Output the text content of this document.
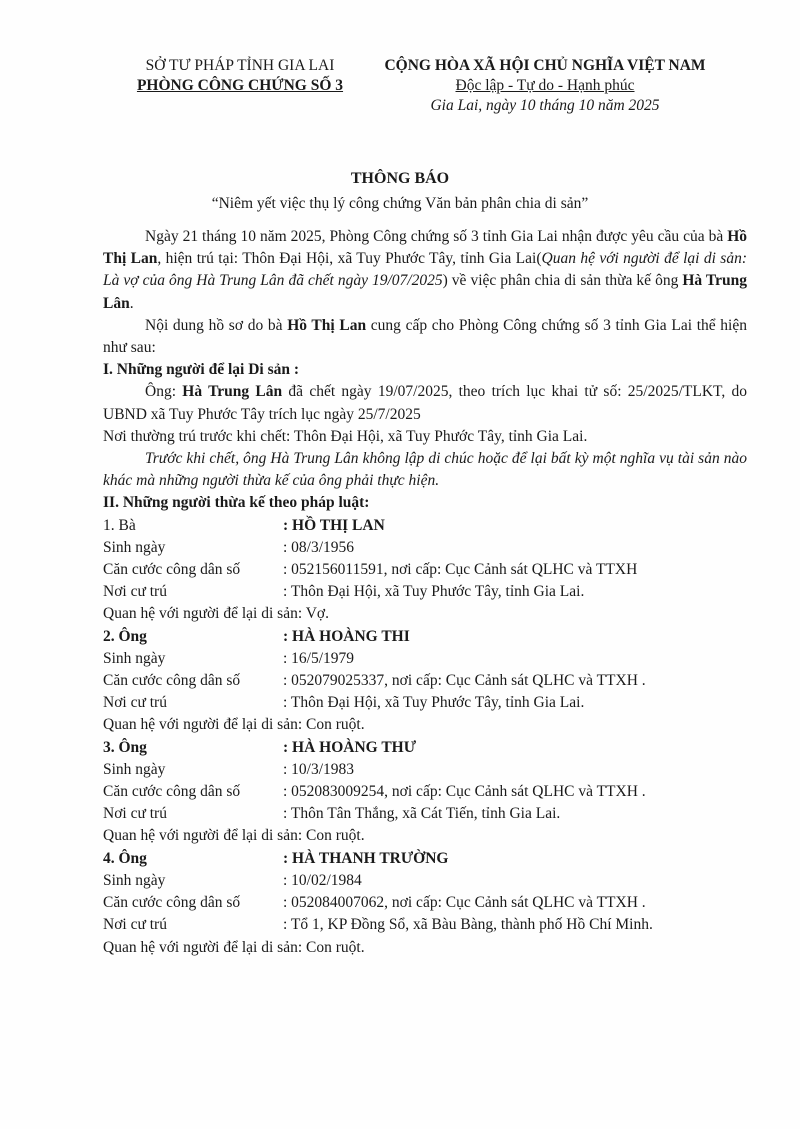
SỞ TƯ PHÁP TỈNH GIA LAI
PHÒNG CÔNG CHỨNG SỐ 3
CỘNG HÒA XÃ HỘI CHỦ NGHĨA VIỆT NAM
Độc lập - Tự do - Hạnh phúc
Gia Lai, ngày 10 tháng 10 năm 2025
THÔNG BÁO
“Niêm yết việc thụ lý công chứng Văn bản phân chia di sản”

Ngày 21 tháng 10 năm 2025, Phòng Công chứng số 3 tỉnh Gia Lai nhận được yêu cầu của bà Hồ Thị Lan, hiện trú tại: Thôn Đại Hội, xã Tuy Phước Tây, tỉnh Gia Lai(Quan hệ với người để lại di sản: Là vợ của ông Hà Trung Lân đã chết ngày 19/07/2025) về việc phân chia di sản thừa kế ông Hà Trung Lân.

Nội dung hồ sơ do bà Hồ Thị Lan cung cấp cho Phòng Công chứng số 3 tỉnh Gia Lai thể hiện như sau:

I. Những người để lại Di sản :

Ông: Hà Trung Lân đã chết ngày 19/07/2025, theo trích lục khai tử số: 25/2025/TLKT, do UBND xã Tuy Phước Tây trích lục ngày 25/7/2025

Nơi thường trú trước khi chết: Thôn Đại Hội, xã Tuy Phước Tây, tỉnh Gia Lai.

Trước khi chết, ông Hà Trung Lân không lập di chúc hoặc để lại bất kỳ một nghĩa vụ tài sản nào khác mà những người thừa kế của ông phải thực hiện.

II. Những người thừa kế theo pháp luật:

1. Bà	: HỒ THỊ LAN
Sinh ngày	: 08/3/1956
Căn cước công dân số	: 052156011591, nơi cấp: Cục Cảnh sát QLHC và TTXH
Nơi cư trú	: Thôn Đại Hội, xã Tuy Phước Tây, tỉnh Gia Lai.

Quan hệ với người để lại di sản: Vợ.

2. Ông	: HÀ HOÀNG THI
Sinh ngày	: 16/5/1979
Căn cước công dân số	: 052079025337, nơi cấp: Cục Cảnh sát QLHC và TTXH .
Nơi cư trú	: Thôn Đại Hội, xã Tuy Phước Tây, tỉnh Gia Lai.

Quan hệ với người để lại di sản: Con ruột.

3. Ông	: HÀ HOÀNG THƯ
Sinh ngày	: 10/3/1983
Căn cước công dân số	: 052083009254, nơi cấp: Cục Cảnh sát QLHC và TTXH .
Nơi cư trú	: Thôn Tân Thắng, xã Cát Tiến, tỉnh Gia Lai.

Quan hệ với người để lại di sản: Con ruột.

4. Ông	: HÀ THANH TRƯỜNG
Sinh ngày	: 10/02/1984
Căn cước công dân số	: 052084007062, nơi cấp: Cục Cảnh sát QLHC và TTXH .
Nơi cư trú	: Tổ 1, KP Đồng Sổ, xã Bàu Bàng, thành phố Hồ Chí Minh.

Quan hệ với người để lại di sản: Con ruột.
